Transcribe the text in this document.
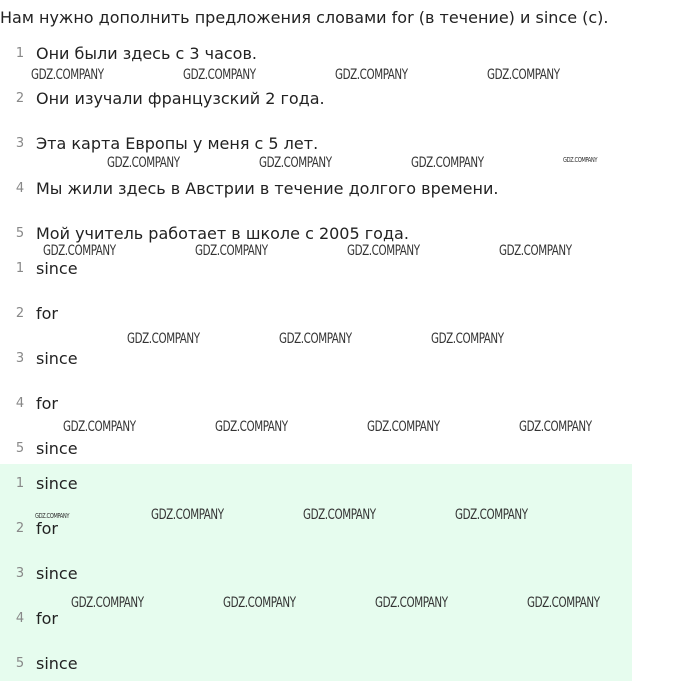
Нам нужно дополнить предложения словами for (в течение) и since (с).
1 Они были здесь с 3 часов.
2 Они изучали французский 2 года.
3 Эта карта Европы у меня с 5 лет.
4 Мы жили здесь в Австрии в течение долгого времени.
5 Мой учитель работает в школе с 2005 года.
1 since
2 for
3 since
4 for
5 since
1 since
2 for
3 since
4 for
5 since
GDZ.COMPANY	GDZ.COMPANY	GDZ.COMPANY	GDZ.COMPANY
GDZ.COMPANY	GDZ.COMPANY	GDZ.COMPANY	GDZ.COMPANY
GDZ.COMPANY	GDZ.COMPANY	GDZ.COMPANY	GDZ.COMPANY
GDZ.COMPANY	GDZ.COMPANY	GDZ.COMPANY
GDZ.COMPANY	GDZ.COMPANY	GDZ.COMPANY	GDZ.COMPANY
GDZ.COMPANY	GDZ.COMPANY	GDZ.COMPANY	GDZ.COMPANY
GDZ.COMPANY	GDZ.COMPANY	GDZ.COMPANY	GDZ.COMPANY
